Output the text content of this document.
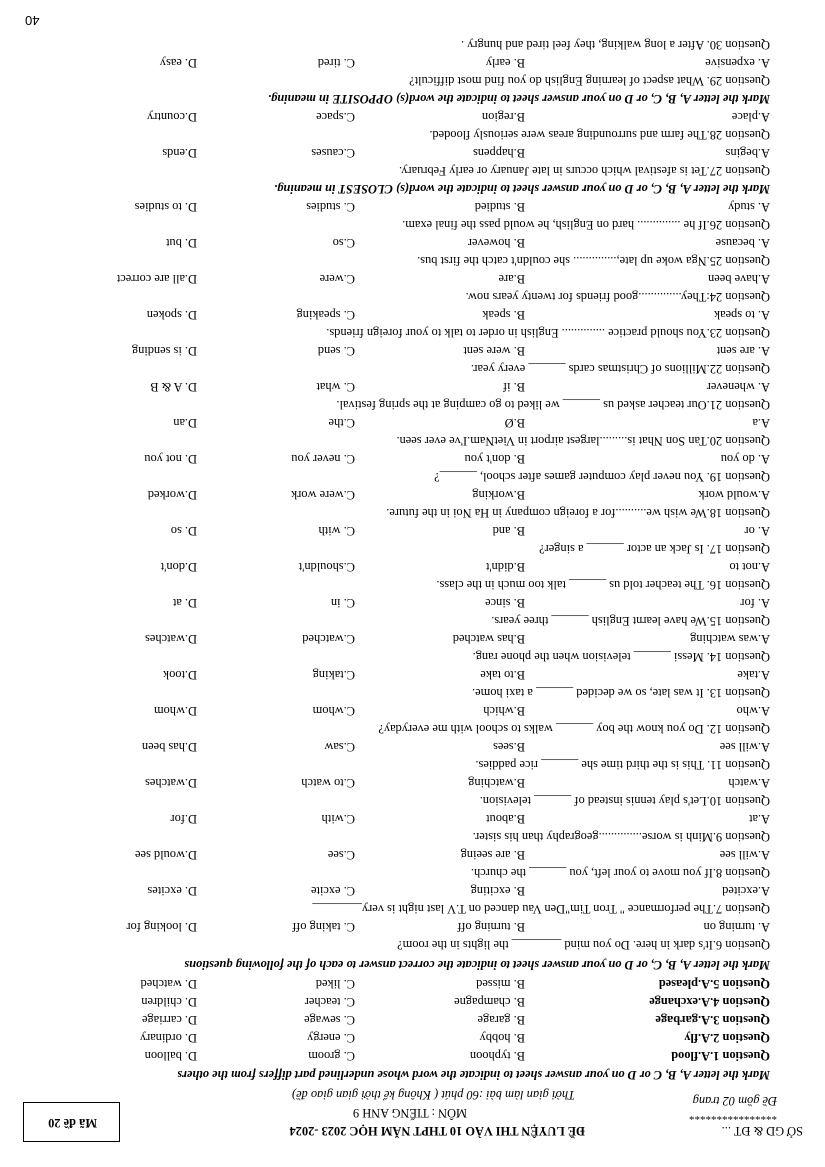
SỞ GD & ĐT ...
ĐỀ LUYỆN THI VÀO 10 THPT NĂM HỌC 2023 -2024
MÔN : TIẾNG ANH 9	****************
Đề gồm 02 trang
Thời gian làm bài :60 phút ( Không kể thời gian giao đề)
Mã đề 20
Mark the letter A, B, C or D on your answer sheet to indicate the word whose underlined part differs from the others
Question 1.A.flood
B. typhoon
C. groom
D. balloon
Question 2.A.fly
B. hobby
C. energy
D. ordinary
Question 3.A.garbage
B. garage
C. sewage
D. carriage
Question 4.A.exchange
B. champagne
C. teacher
D. children
Question 5.A.pleased
B. missed
C. liked
D. watched
Mark the letter A, B, C, or D on your answer sheet to indicate the correct answer to each of the following questions
Question 6.It's dark in here. Do you mind ________ the lights in the room?
A. turning on
B. turning off
C. taking off
D. looking for
Question 7.The performance " Tron Tim"Den Vau danced on T.V last night is very________
A.excited
B. exciting
C. excite
D. excites
Question 8.If you move to your left, you ______ the church.
A.will see
B. are seeing
C.see
D.would see
Question 9.Minh is worse..............geography than his sister.
A.at
B.about
C.with
D.for
Question 10.Let's play tennis instead of ______ television.
A.watch
B.watching
C.to watch
D.watches
Question 11. This is the third time she ______ rice paddies.
A.will see
B.sees
C.saw
D.has been
Question 12. Do you know the boy ______ walks to school with me everyday?
A.who
B.which
C.whom
D.whom
Question 13. It was late, so we decided ______ a taxi home.
A.take
B.to take
C.taking
D.took
Question 14. Messi ______ television when the phone rang.
A.was watching
B.has watched
C.watched
D.watches
Question 15.We have learnt English ______ three years.
A. for
B. since
C. in
D. at
Question 16. The teacher told us ______ talk too much in the class.
A.not to
B.didn't
C.shouldn't
D.don't
Question 17. Is Jack an actor ______ a singer?
A. or
B. and
C. with
D. so
Question 18.We wish we..........for a foreign company in Ha Noi in the future.
A.would work
B.working
C.were work
D.worked
Question 19. You never play computer games after school, ______?
A. do you
B. don't you
C. never you
D. not you
Question 20.Tan Son Nhat is.........largest airport in VietNam.I've ever seen.
A.a
B.Ø
C.the
D.an
Question 21.Our teacher asked us ______ we liked to go camping at the spring festival.
A. whenever
B. if
C. what
D. A & B
Question 22.Millions of Christmas cards ______ every year.
A. are sent
B. were sent
C. send
D. is sending
Question 23.You should practice .............. English in order to talk to your foreign friends.
A. to speak
B. speak
C. speaking
D. spoken
Question 24:They..............good friends for twenty years now.
A.have been
B.are
C.were
D.all are correct
Question 25.Nga woke up late,.............. she couldn't catch the first bus.
A. because
B. however
C.so
D. but
Question 26.If he .............. hard on English, he would pass the final exam.
A. study
B. studied
C. studies
D. to studies
Mark the letter A, B, C, or D on your answer sheet to indicate the word(s) CLOSEST in meaning.
Question 27.Tet is afestival which occurs in late January or early February.
A.begins
B.happens
C.causes
D.ends
Question 28.The farm and surrounding areas were seriously flooded.
A.place
B.region
C.space
D.country
Mark the letter A, B, C, or D on your answer sheet to indicate the word(s) OPPOSITE in meaning.
Question 29. What aspect of learning English do you find most difficult?
A. expensive
B. early
C. tired
D. easy
Question 30. After a long walking, they feel tired and hungry .
40
